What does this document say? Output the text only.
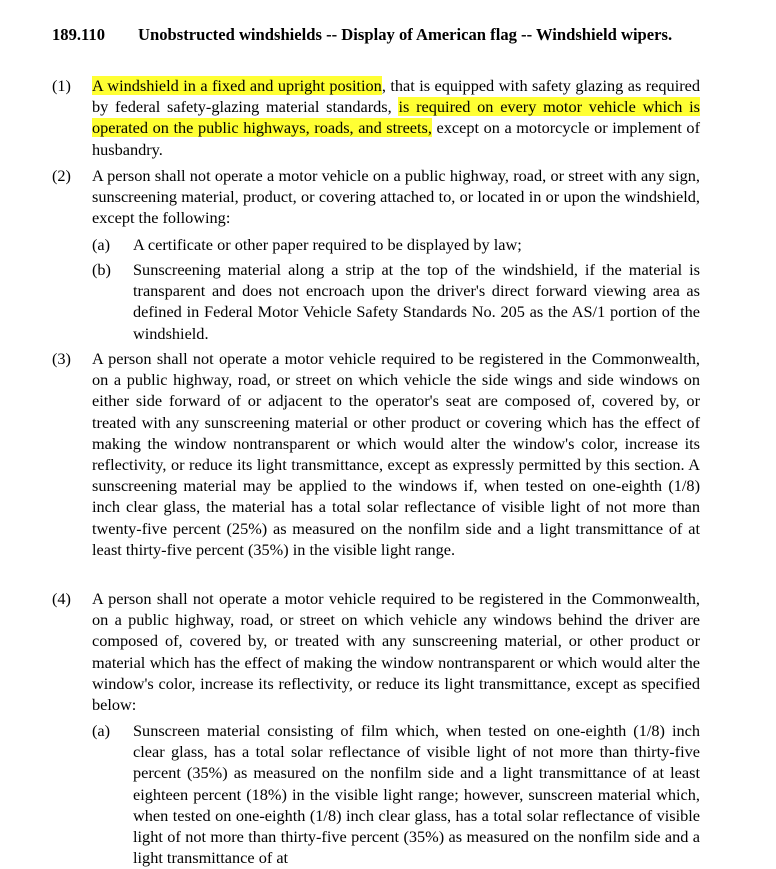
189.110 Unobstructed windshields -- Display of American flag -- Windshield wipers.
(1)	A windshield in a fixed and upright position, that is equipped with safety glazing as required by federal safety-glazing material standards, is required on every motor vehicle which is operated on the public highways, roads, and streets, except on a motorcycle or implement of husbandry.
(2)	A person shall not operate a motor vehicle on a public highway, road, or street with any sign, sunscreening material, product, or covering attached to, or located in or upon the windshield, except the following:
(a)	A certificate or other paper required to be displayed by law;
(b)	Sunscreening material along a strip at the top of the windshield, if the material is transparent and does not encroach upon the driver's direct forward viewing area as defined in Federal Motor Vehicle Safety Standards No. 205 as the AS/1 portion of the windshield.
(3)	A person shall not operate a motor vehicle required to be registered in the Commonwealth, on a public highway, road, or street on which vehicle the side wings and side windows on either side forward of or adjacent to the operator's seat are composed of, covered by, or treated with any sunscreening material or other product or covering which has the effect of making the window nontransparent or which would alter the window's color, increase its reflectivity, or reduce its light transmittance, except as expressly permitted by this section. A sunscreening material may be applied to the windows if, when tested on one-eighth (1/8) inch clear glass, the material has a total solar reflectance of visible light of not more than twenty-five percent (25%) as measured on the nonfilm side and a light transmittance of at least thirty-five percent (35%) in the visible light range.
(4)	A person shall not operate a motor vehicle required to be registered in the Commonwealth, on a public highway, road, or street on which vehicle any windows behind the driver are composed of, covered by, or treated with any sunscreening material, or other product or material which has the effect of making the window nontransparent or which would alter the window's color, increase its reflectivity, or reduce its light transmittance, except as specified below:
(a)	Sunscreen material consisting of film which, when tested on one-eighth (1/8) inch clear glass, has a total solar reflectance of visible light of not more than thirty-five percent (35%) as measured on the nonfilm side and a light transmittance of at least eighteen percent (18%) in the visible light range; however, sunscreen material which, when tested on one-eighth (1/8) inch clear glass, has a total solar reflectance of visible light of not more than thirty-five percent (35%) as measured on the nonfilm side and a light transmittance of at
